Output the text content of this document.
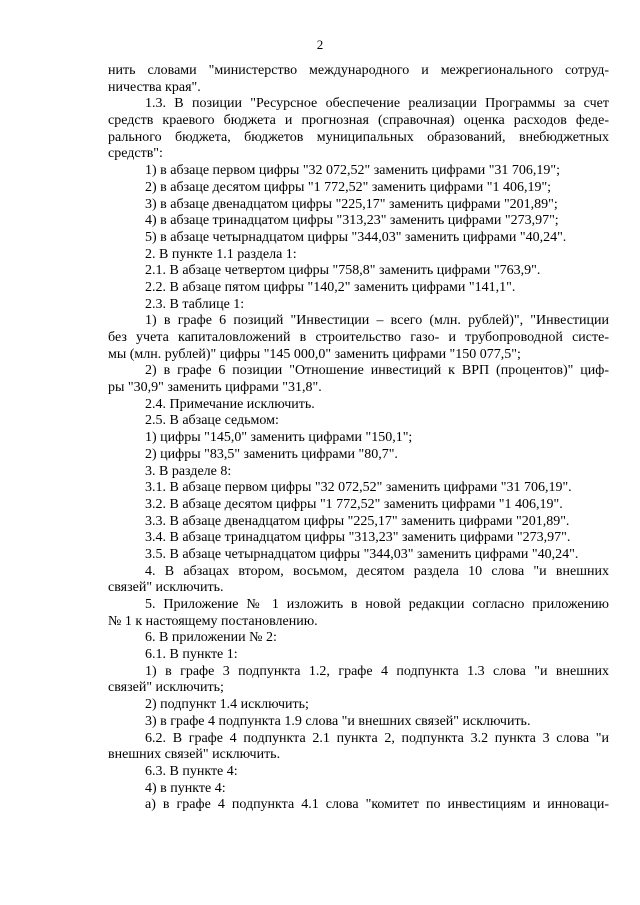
2
нить словами "министерство международного и межрегионального сотруд-
ничества края".
1.3. В позиции "Ресурсное обеспечение реализации Программы за счет
средств краевого бюджета и прогнозная (справочная) оценка расходов феде-
рального бюджета, бюджетов муниципальных образований, внебюджетных
средств":
1) в абзаце первом цифры "32 072,52" заменить цифрами "31 706,19";
2) в абзаце десятом цифры "1 772,52" заменить цифрами "1 406,19";
3) в абзаце двенадцатом цифры "225,17" заменить цифрами "201,89";
4) в абзаце тринадцатом цифры "313,23" заменить цифрами "273,97";
5) в абзаце четырнадцатом цифры "344,03" заменить цифрами "40,24".
2. В пункте 1.1 раздела 1:
2.1. В абзаце четвертом цифры "758,8" заменить цифрами "763,9".
2.2. В абзаце пятом цифры "140,2" заменить цифрами "141,1".
2.3. В таблице 1:
1) в графе 6 позиций "Инвестиции – всего (млн. рублей)", "Инвестиции
без учета капиталовложений в строительство газо- и трубопроводной систе-
мы (млн. рублей)" цифры "145 000,0" заменить цифрами "150 077,5";
2) в графе 6 позиции "Отношение инвестиций к ВРП (процентов)" циф-
ры "30,9" заменить цифрами "31,8".
2.4. Примечание исключить.
2.5. В абзаце седьмом:
1) цифры "145,0" заменить цифрами "150,1";
2) цифры "83,5" заменить цифрами "80,7".
3. В разделе 8:
3.1. В абзаце первом цифры "32 072,52" заменить цифрами "31 706,19".
3.2. В абзаце десятом цифры "1 772,52" заменить цифрами "1 406,19".
3.3. В абзаце двенадцатом цифры "225,17" заменить цифрами "201,89".
3.4. В абзаце тринадцатом цифры "313,23" заменить цифрами "273,97".
3.5. В абзаце четырнадцатом цифры "344,03" заменить цифрами "40,24".
4. В абзацах втором, восьмом, десятом раздела 10 слова "и внешних
связей" исключить.
5. Приложение № 1 изложить в новой редакции согласно приложению
№ 1 к настоящему постановлению.
6. В приложении № 2:
6.1. В пункте 1:
1) в графе 3 подпункта 1.2, графе 4 подпункта 1.3 слова "и внешних
связей" исключить;
2) подпункт 1.4 исключить;
3) в графе 4 подпункта 1.9 слова "и внешних связей" исключить.
6.2. В графе 4 подпункта 2.1 пункта 2, подпункта 3.2 пункта 3 слова "и
внешних связей" исключить.
6.3. В пункте 4:
4) в пункте 4:
а) в графе 4 подпункта 4.1 слова "комитет по инвестициям и инноваци-
